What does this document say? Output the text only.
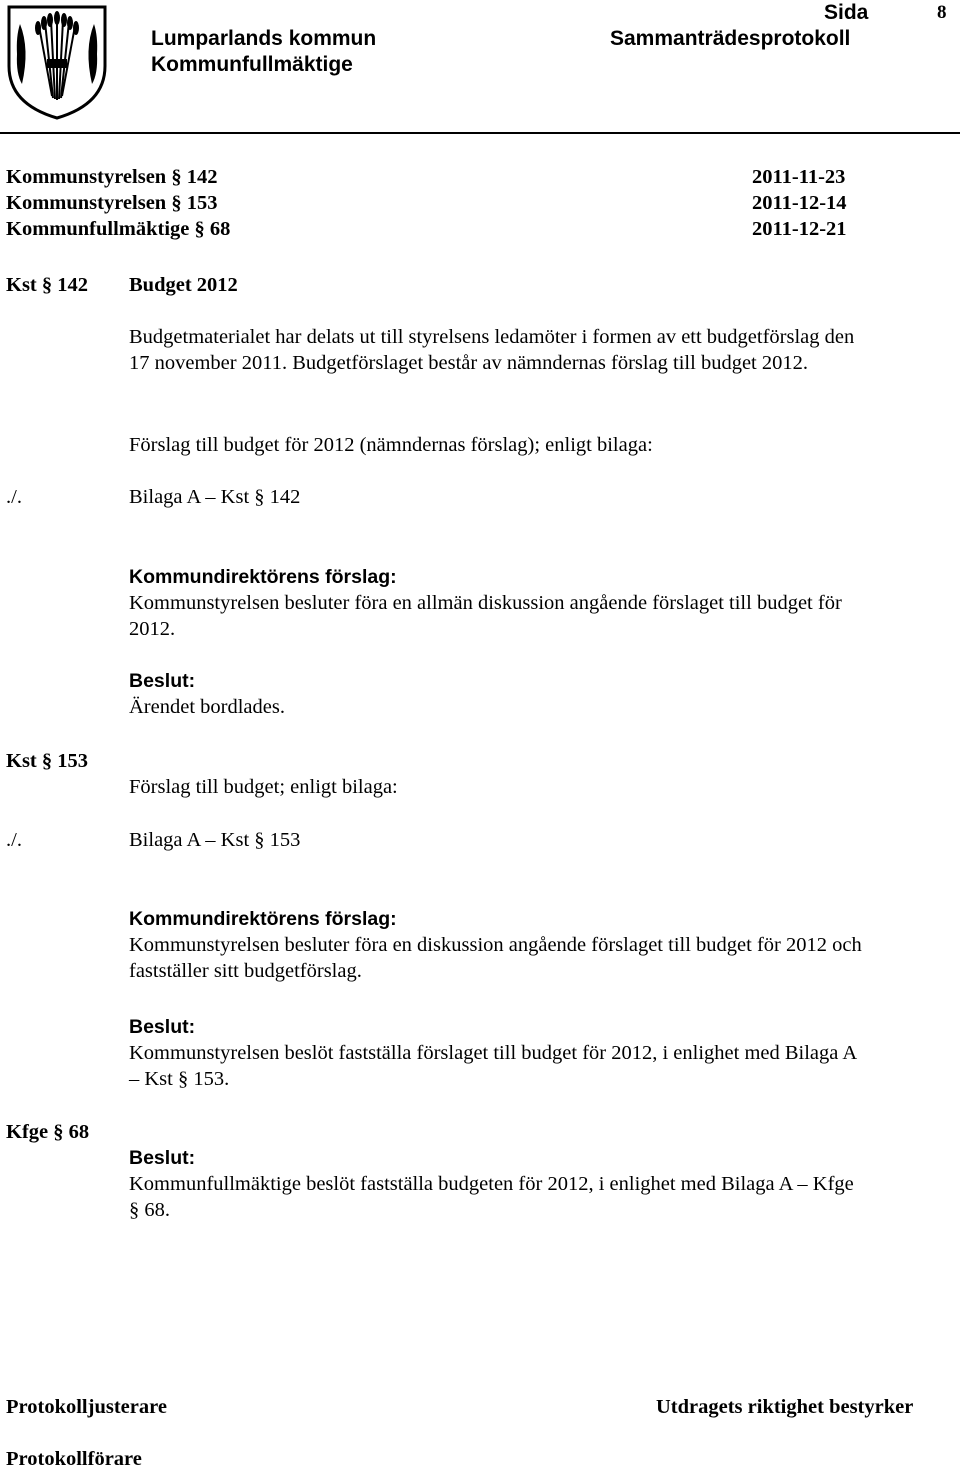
Lumparlands kommun
Kommunfullmäktige
Sammanträdesprotokoll
Sida	8
Kommunstyrelsen § 142	2011-11-23
Kommunstyrelsen § 153	2011-12-14
Kommunfullmäktige § 68	2011-12-21
Kst § 142 Budget 2012
Budgetmaterialet har delats ut till styrelsens ledamöter i formen av ett budgetförslag den
17 november 2011. Budgetförslaget består av nämndernas förslag till budget 2012.
Förslag till budget för 2012 (nämndernas förslag); enligt bilaga:
./.	Bilaga A – Kst § 142
Kommundirektörens förslag:
Kommunstyrelsen besluter föra en allmän diskussion angående förslaget till budget för
2012.
Beslut:
Ärendet bordlades.
Kst § 153
Förslag till budget; enligt bilaga:
./.	Bilaga A – Kst § 153
Kommundirektörens förslag:
Kommunstyrelsen besluter föra en diskussion angående förslaget till budget för 2012 och
fastställer sitt budgetförslag.
Beslut:
Kommunstyrelsen beslöt fastställa förslaget till budget för 2012, i enlighet med Bilaga A
– Kst § 153.
Kfge § 68
Beslut:
Kommunfullmäktige beslöt fastställa budgeten för 2012, i enlighet med Bilaga A – Kfge
§ 68.
Protokolljusterare	Utdragets riktighet bestyrker
Protokollförare
